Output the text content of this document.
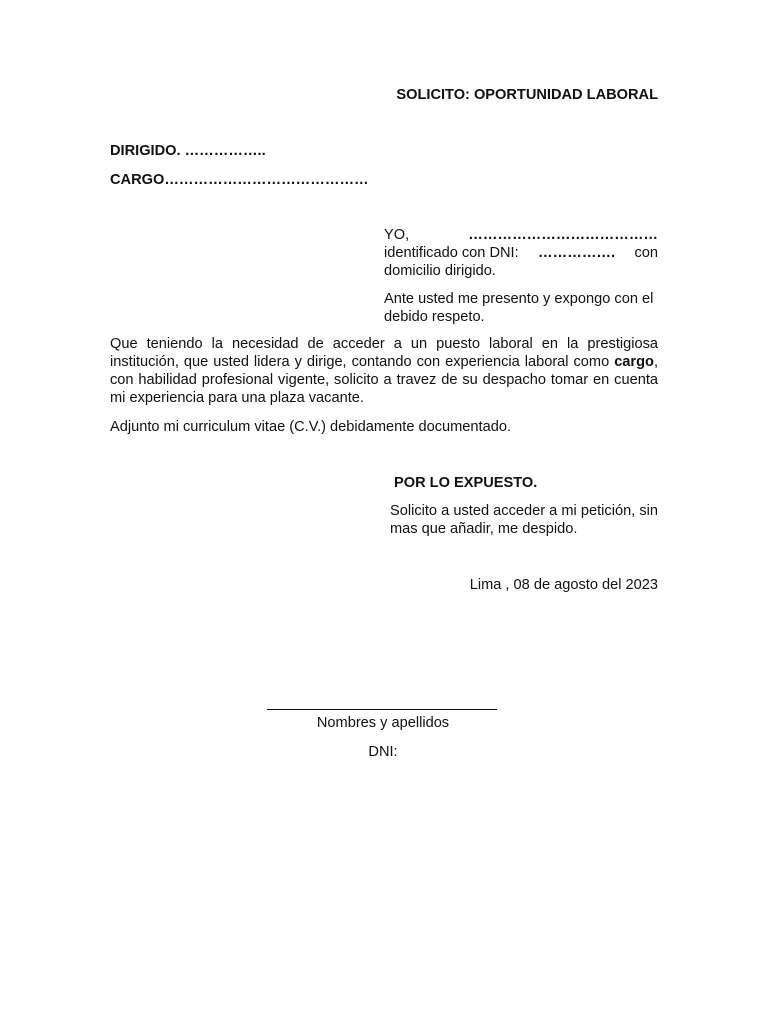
SOLICITO: OPORTUNIDAD LABORAL
DIRIGIDO. ……………..
CARGO……………………………………
YO,	…………………………………
identificado con DNI: ……………. con
domicilio dirigido.
Ante usted me presento y expongo con el debido respeto.
Que teniendo la necesidad de acceder a un puesto laboral en la prestigiosa institución, que usted lidera y dirige, contando con experiencia laboral como cargo, con habilidad profesional vigente, solicito a travez de su despacho tomar en cuenta mi experiencia para una plaza vacante.
Adjunto mi curriculum vitae (C.V.) debidamente documentado.
POR LO EXPUESTO.
Solicito a usted acceder a mi petición, sin mas que añadir, me despido.
Lima , 08 de agosto del 2023
Nombres y apellidos
DNI:
